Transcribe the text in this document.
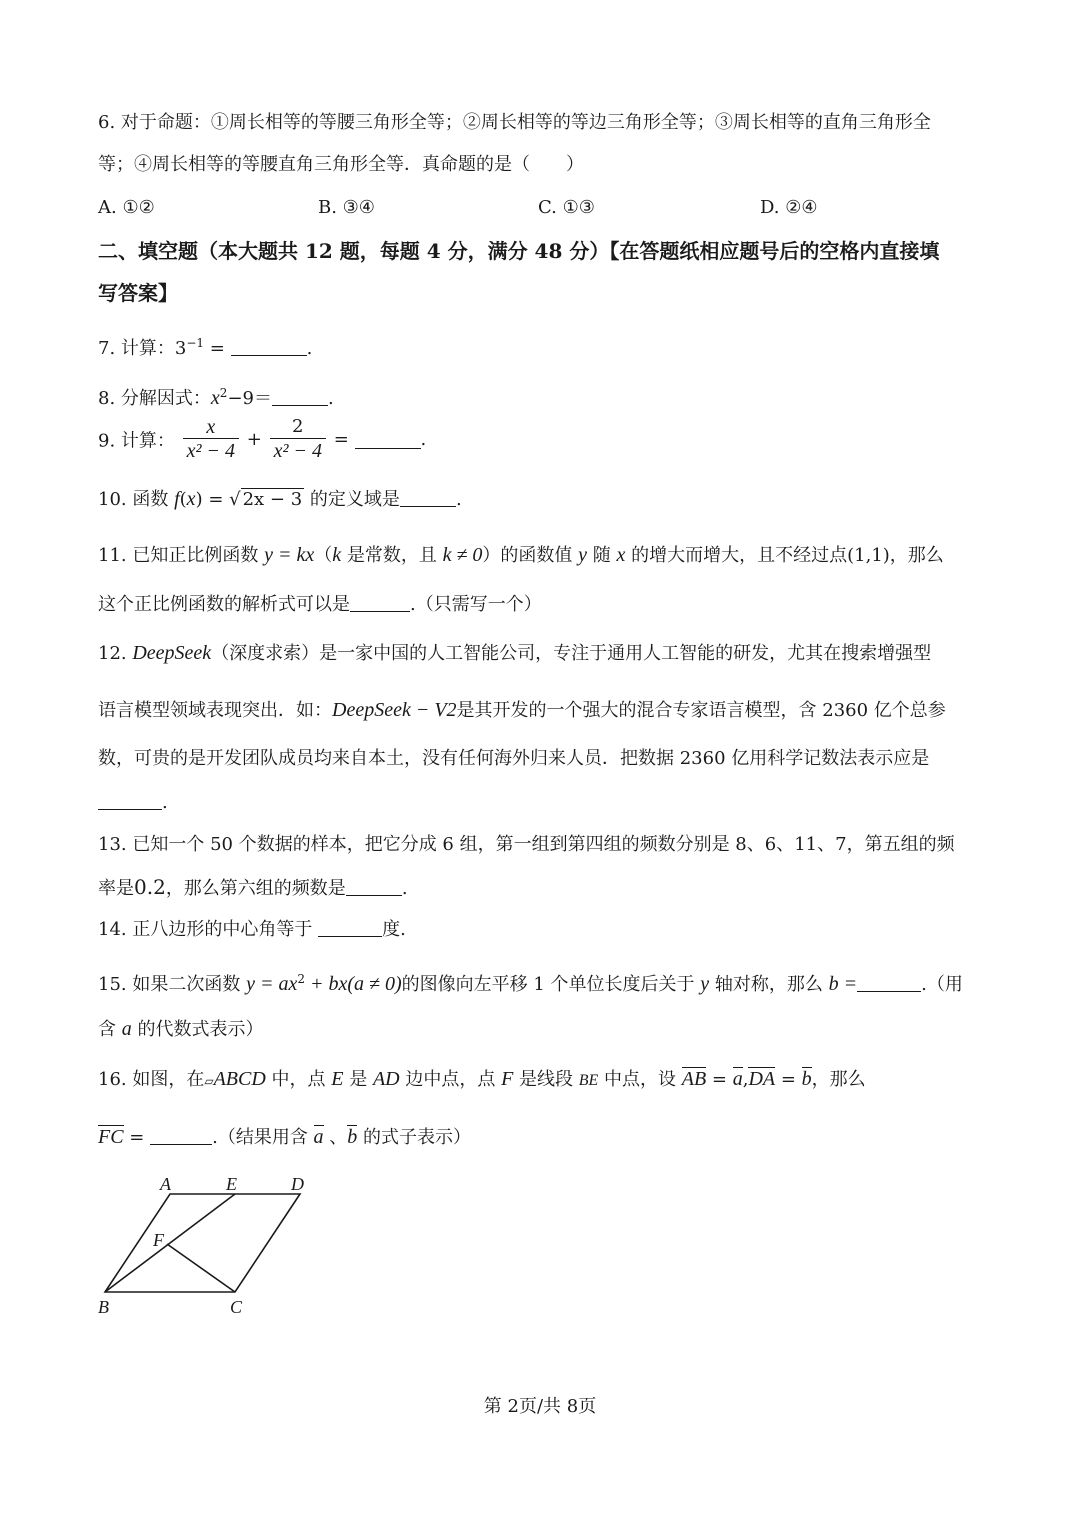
6. 对于命题：①周长相等的等腰三角形全等；②周长相等的等边三角形全等；③周长相等的直角三角形全
等；④周长相等的等腰直角三角形全等．真命题的是（　　）
A. ①②	B. ③④	C. ①③	D. ②④
二、填空题（本大题共 12 题，每题 4 分，满分 48 分）【在答题纸相应题号后的空格内直接填
写答案】
7. 计算：$3^{-1}$ =	.
8. 分解因式：$x^2-9=$	.
9. 计算： $\frac{x}{\text{x² − 4}} + \frac{2}{\text{x² − 4}}$ =	.
10. 函数 f(x) = √ 2x − 3 的定义域是	.
11. 已知正比例函数 y = kx（k 是常数，且 k ≠ 0）的函数值 y 随 x 的增大而增大，且不经过点(1,1)，那么
这个正比例函数的解析式可以是	.（只需写一个）
12. DeepSeek（深度求索）是一家中国的人工智能公司，专注于通用人工智能的研发，尤其在搜索增强型
语言模型领域表现突出．如：DeepSeek − V2是其开发的一个强大的混合专家语言模型，含 2360 亿个总参
数，可贵的是开发团队成员均来自本土，没有任何海外归来人员．把数据 2360 亿用科学记数法表示应是
.
13. 已知一个 50 个数据的样本，把它分成 6 组，第一组到第四组的频数分别是 8、6、11、7，第五组的频
率是0.2，那么第六组的频数是	.
14. 正八边形的中心角等于	度.
15. 如果二次函数 $y = ax^2 + bx(a \ne 0)$的图像向左平移 1 个单位长度后关于 y 轴对称，那么 b =	.（用
含 a 的代数式表示）
16. 如图，在▱ABCD 中，点 E 是 AD 边中点，点 F 是线段 BE 中点，设 AB = a,DA = b，那么
FC =	.（结果用含 a 、b 的式子表示）
A	E	D
F
B	C
第 2页/共 8页
